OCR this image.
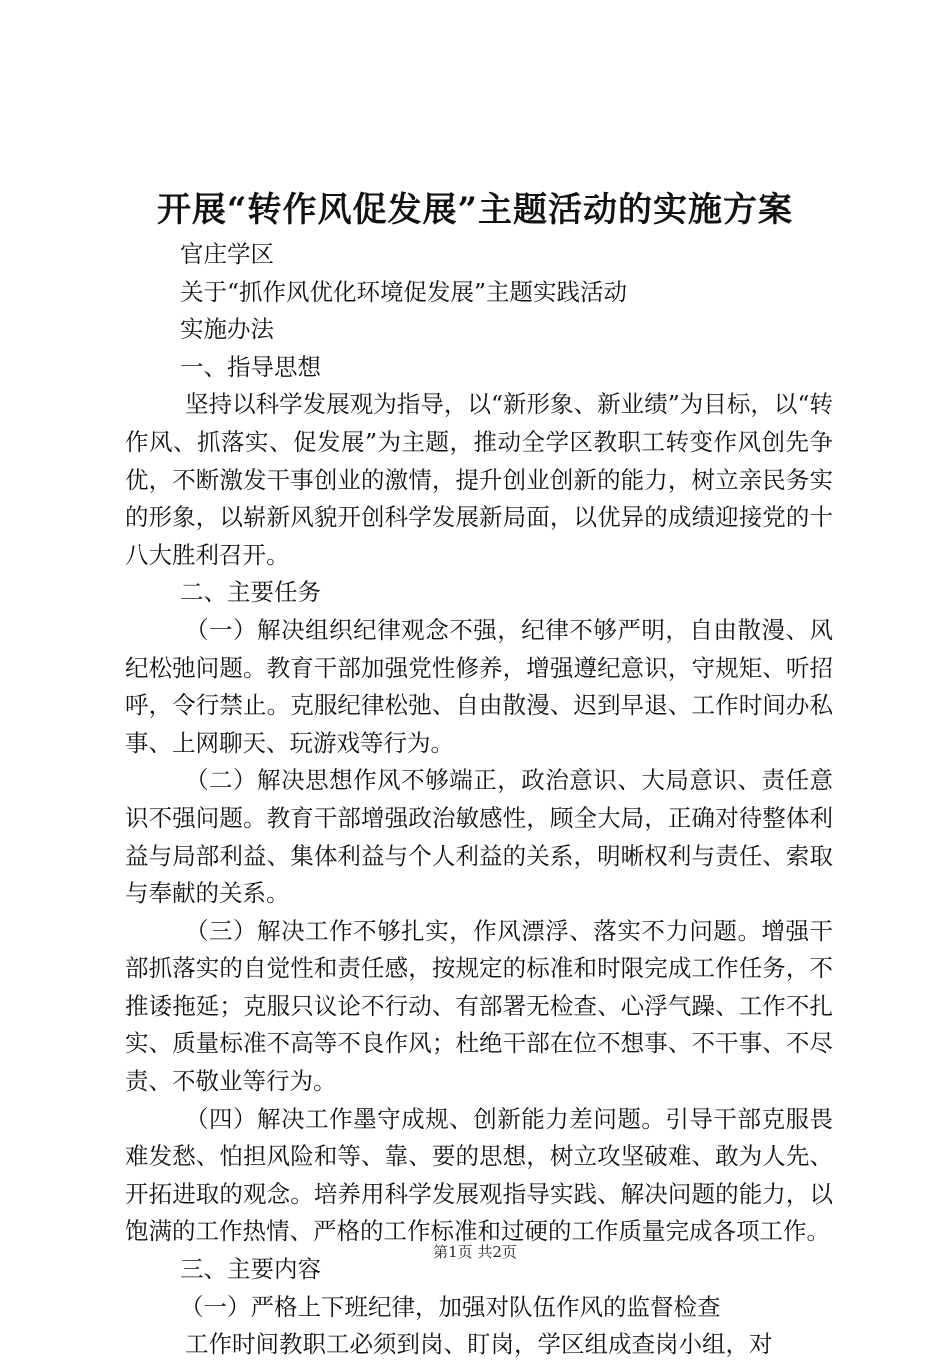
开展“转作风促发展”主题活动的实施方案

官庄学区

关于“抓作风优化环境促发展”主题实践活动

实施办法

一、指导思想

坚持以科学发展观为指导，以“新形象、新业绩”为目标，以“转作风、抓落实、促发展”为主题，推动全学区教职工转变作风创先争优，不断激发干事创业的激情，提升创业创新的能力，树立亲民务实的形象，以崭新风貌开创科学发展新局面，以优异的成绩迎接党的十八大胜利召开。

二、主要任务

（一）解决组织纪律观念不强，纪律不够严明，自由散漫、风纪松弛问题。教育干部加强党性修养，增强遵纪意识，守规矩、听招呼，令行禁止。克服纪律松弛、自由散漫、迟到早退、工作时间办私事、上网聊天、玩游戏等行为。

（二）解决思想作风不够端正，政治意识、大局意识、责任意识不强问题。教育干部增强政治敏感性，顾全大局，正确对待整体利益与局部利益、集体利益与个人利益的关系，明晰权利与责任、索取与奉献的关系。

（三）解决工作不够扎实，作风漂浮、落实不力问题。增强干部抓落实的自觉性和责任感，按规定的标准和时限完成工作任务，不推诿拖延；克服只议论不行动、有部署无检查、心浮气躁、工作不扎实、质量标准不高等不良作风；杜绝干部在位不想事、不干事、不尽责、不敬业等行为。

（四）解决工作墨守成规、创新能力差问题。引导干部克服畏难发愁、怕担风险和等、靠、要的思想，树立攻坚破难、敢为人先、开拓进取的观念。培养用科学发展观指导实践、解决问题的能力，以饱满的工作热情、严格的工作标准和过硬的工作质量完成各项工作。

三、主要内容

（一）严格上下班纪律，加强对队伍作风的监督检查

工作时间教职工必须到岗、盯岗，学区组成查岗小组，对

第1页 共2页
